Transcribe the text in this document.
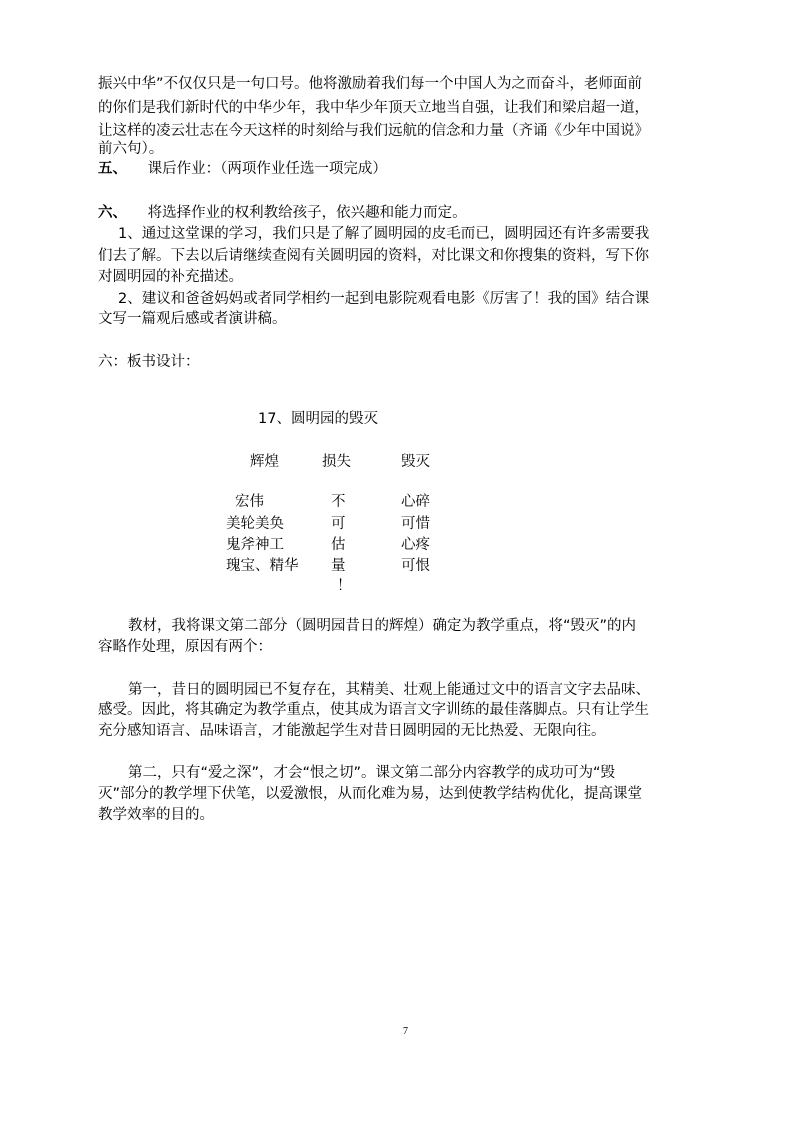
振兴中华”不仅仅只是一句口号。他将激励着我们每一个中国人为之而奋斗，老师面前
的你们是我们新时代的中华少年，我中华少年顶天立地当自强，让我们和梁启超一道，
让这样的凌云壮志在今天这样的时刻给与我们远航的信念和力量（齐诵《少年中国说》
前六句）。
五、 课后作业：（两项作业任选一项完成）
六、 将选择作业的权利教给孩子，依兴趣和能力而定。
1、通过这堂课的学习，我们只是了解了圆明园的皮毛而已，圆明园还有许多需要我
们去了解。下去以后请继续查阅有关圆明园的资料，对比课文和你搜集的资料，写下你
对圆明园的补充描述。
2、建议和爸爸妈妈或者同学相约一起到电影院观看电影《厉害了！我的国》结合课
文写一篇观后感或者演讲稿。
六：板书设计：
17、圆明园的毁灭
辉煌	损失	毁灭
宏伟
美轮美奂
鬼斧神工
瑰宝、精华
不
可
估
量
！
心碎
可惜
心疼
可恨
教材，我将课文第二部分（圆明园昔日的辉煌）确定为教学重点，将“毁灭”的内
容略作处理，原因有两个：
第一，昔日的圆明园已不复存在，其精美、壮观上能通过文中的语言文字去品味、
感受。因此，将其确定为教学重点，使其成为语言文字训练的最佳落脚点。只有让学生
充分感知语言、品味语言，才能激起学生对昔日圆明园的无比热爱、无限向往。
第二，只有“爱之深”，才会“恨之切”。课文第二部分内容教学的成功可为“毁
灭”部分的教学埋下伏笔，以爱激恨，从而化难为易，达到使教学结构优化，提高课堂
教学效率的目的。
7
